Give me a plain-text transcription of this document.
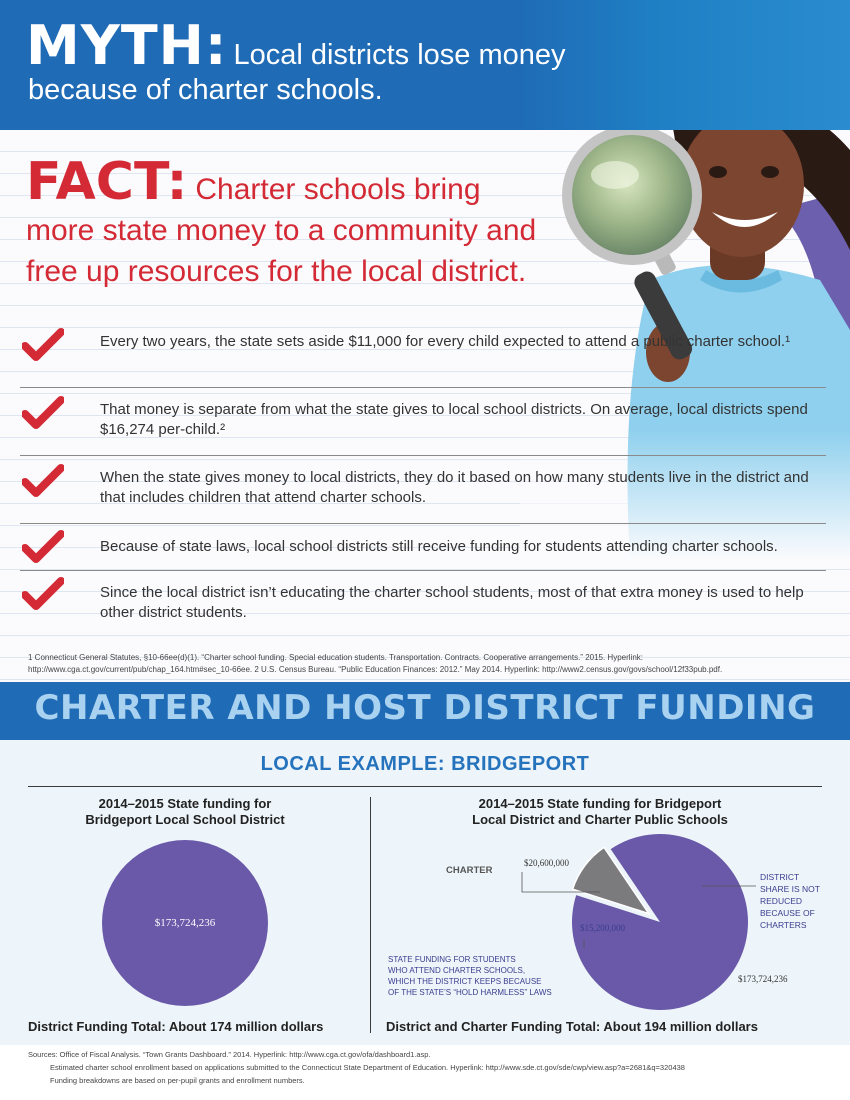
MYTH: Local districts lose money
because of charter schools.
FACT: Charter schools bring
more state money to a community and
free up resources for the local district.
Every two years, the state sets aside $11,000 for every child expected to attend a public charter school.¹
That money is separate from what the state gives to local school districts. On average, local districts spend $16,274 per-child.²
When the state gives money to local districts, they do it based on how many students live in the district and that includes children that attend charter schools.
Because of state laws, local school districts still receive funding for students attending charter schools.
Since the local district isn’t educating the charter school students, most of that extra money is used to help other district students.
1 Connecticut General Statutes, §10-66ee(d)(1). “Charter school funding. Special education students. Transportation. Contracts. Cooperative arrangements.” 2015. Hyperlink: http://www.cga.ct.gov/current/pub/chap_164.htm#sec_10-66ee. 2 U.S. Census Bureau. “Public Education Finances: 2012.” May 2014. Hyperlink: http://www2.census.gov/govs/school/12f33pub.pdf.
CHARTER AND HOST DISTRICT FUNDING
LOCAL EXAMPLE: BRIDGEPORT
2014–2015 State funding for
Bridgeport Local School District
$173,724,236
District Funding Total: About 174 million dollars
2014–2015 State funding for Bridgeport
Local District and Charter Public Schools
$20,600,000
CHARTER
$15,200,000
STATE FUNDING FOR STUDENTS
WHO ATTEND CHARTER SCHOOLS,
WHICH THE DISTRICT KEEPS BECAUSE
OF THE STATE’S “HOLD HARMLESS” LAWS
DISTRICT
SHARE IS NOT
REDUCED
BECAUSE OF
CHARTERS
$173,724,236
District and Charter Funding Total: About 194 million dollars
Sources: Office of Fiscal Analysis. “Town Grants Dashboard.” 2014. Hyperlink: http://www.cga.ct.gov/ofa/dashboard1.asp.
Estimated charter school enrollment based on applications submitted to the Connecticut State Department of Education. Hyperlink: http://www.sde.ct.gov/sde/cwp/view.asp?a=2681&q=320438
Funding breakdowns are based on per-pupil grants and enrollment numbers.
